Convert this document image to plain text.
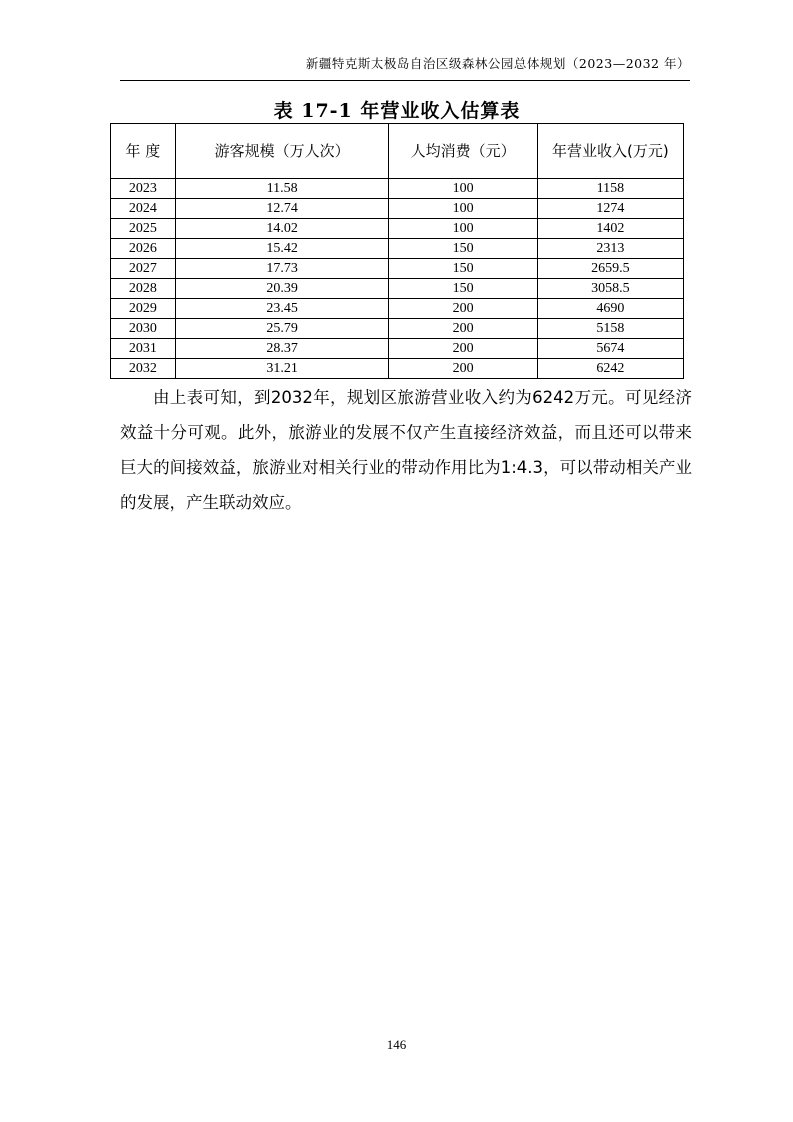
新疆特克斯太极岛自治区级森林公园总体规划（2023—2032 年）
表 17-1 年营业收入估算表
年 度	游客规模（万人次）	人均消费（元）	年营业收入(万元)
2023	11.58	100	1158
2024	12.74	100	1274
2025	14.02	100	1402
2026	15.42	150	2313
2027	17.73	150	2659.5
2028	20.39	150	3058.5
2029	23.45	200	4690
2030	25.79	200	5158
2031	28.37	200	5674
2032	31.21	200	6242

由上表可知，到2032年，规划区旅游营业收入约为6242万元。可见经济效益十分可观。此外，旅游业的发展不仅产生直接经济效益，而且还可以带来巨大的间接效益，旅游业对相关行业的带动作用比为1:4.3，可以带动相关产业的发展，产生联动效应。

146
